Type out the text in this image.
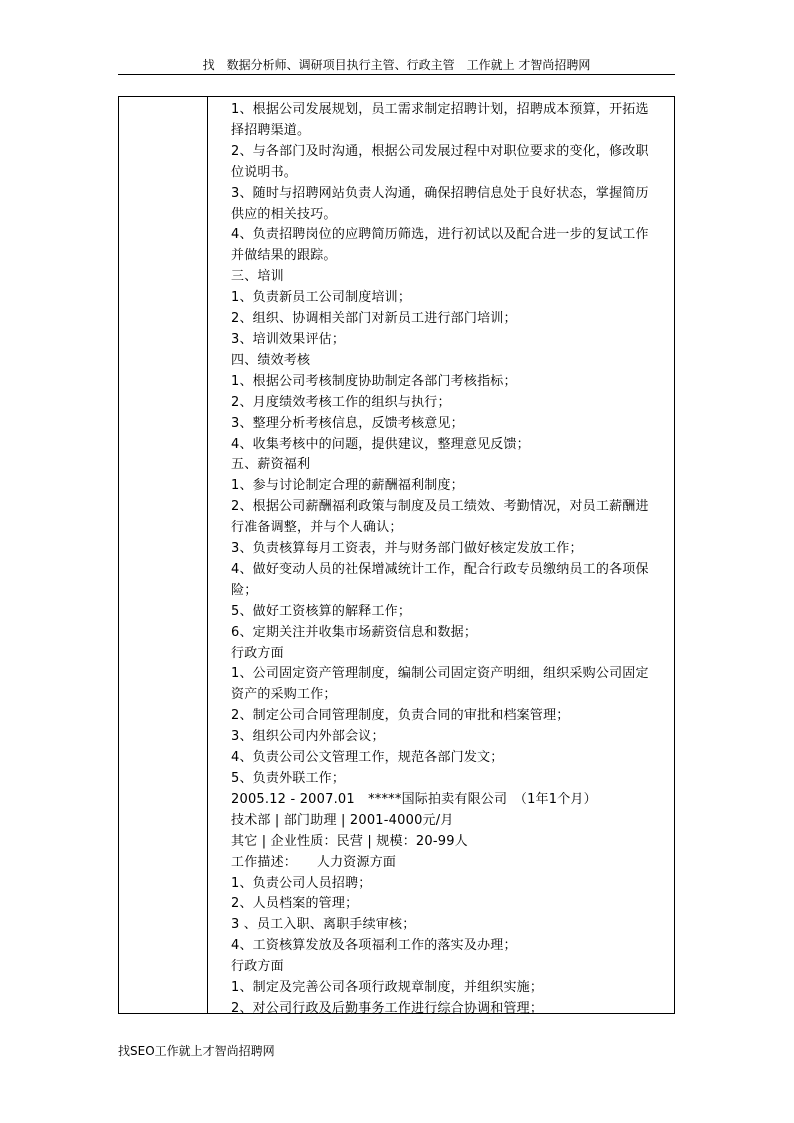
找　数据分析师、调研项目执行主管、行政主管　工作就上 才智尚招聘网
1、根据公司发展规划，员工需求制定招聘计划，招聘成本预算，开拓选
择招聘渠道。
2、与各部门及时沟通，根据公司发展过程中对职位要求的变化，修改职
位说明书。
3、随时与招聘网站负责人沟通，确保招聘信息处于良好状态，掌握简历
供应的相关技巧。
4、负责招聘岗位的应聘简历筛选，进行初试以及配合进一步的复试工作
并做结果的跟踪。
三、培训
1、负责新员工公司制度培训；
2、组织、协调相关部门对新员工进行部门培训；
3、培训效果评估；
四、绩效考核
1、根据公司考核制度协助制定各部门考核指标；
2、月度绩效考核工作的组织与执行；
3、整理分析考核信息，反馈考核意见；
4、收集考核中的问题，提供建议，整理意见反馈；
五、薪资福利
1、参与讨论制定合理的薪酬福利制度；
2、根据公司薪酬福利政策与制度及员工绩效、考勤情况，对员工薪酬进
行准备调整，并与个人确认；
3、负责核算每月工资表，并与财务部门做好核定发放工作；
4、做好变动人员的社保增减统计工作，配合行政专员缴纳员工的各项保
险；
5、做好工资核算的解释工作；
6、定期关注并收集市场薪资信息和数据；
行政方面
1、公司固定资产管理制度，编制公司固定资产明细，组织采购公司固定
资产的采购工作；
2、制定公司合同管理制度，负责合同的审批和档案管理；
3、组织公司内外部会议；
4、负责公司公文管理工作，规范各部门发文；
5、负责外联工作；
2005.12 - 2007.01　*****国际拍卖有限公司　（1年1个月）
技术部 | 部门助理 | 2001-4000元/月
其它 | 企业性质：民营 | 规模：20-99人
工作描述：　　人力资源方面
1、负责公司人员招聘；
2、人员档案的管理；
3 、员工入职、离职手续审核；
4、工资核算发放及各项福利工作的落实及办理；
行政方面
1、制定及完善公司各项行政规章制度，并组织实施；
2、对公司行政及后勤事务工作进行综合协调和管理；
找SEO工作就上才智尚招聘网
